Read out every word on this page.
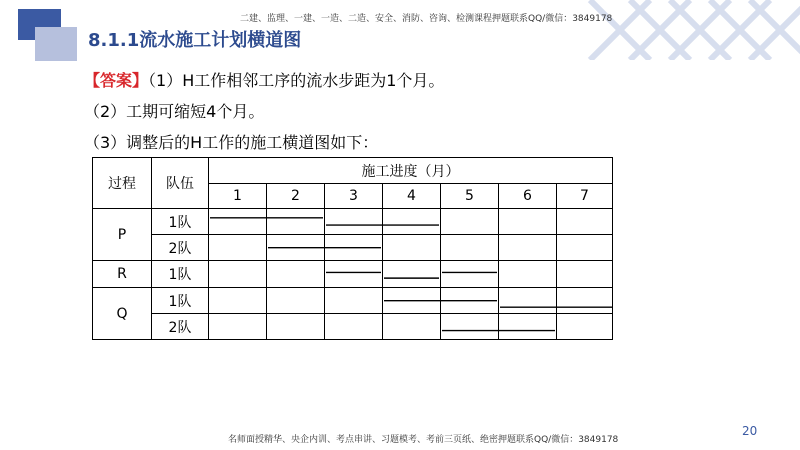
二建、监理、一建、一造、二造、安全、消防、咨询、检测课程押题联系QQ/微信：3849178
8.1.1流水施工计划横道图
【答案】（1）H工作相邻工序的流水步距为1个月。
（2）工期可缩短4个月。
（3）调整后的H工作的施工横道图如下：
过程	队伍	施工进度（月）						
		1	2	3	4	5	6	7
P	1队							
	2队							
R	1队							
Q	1队							
	2队							
名师面授精华、央企内训、考点串讲、习题模考、考前三页纸、绝密押题联系QQ/微信：3849178
20
